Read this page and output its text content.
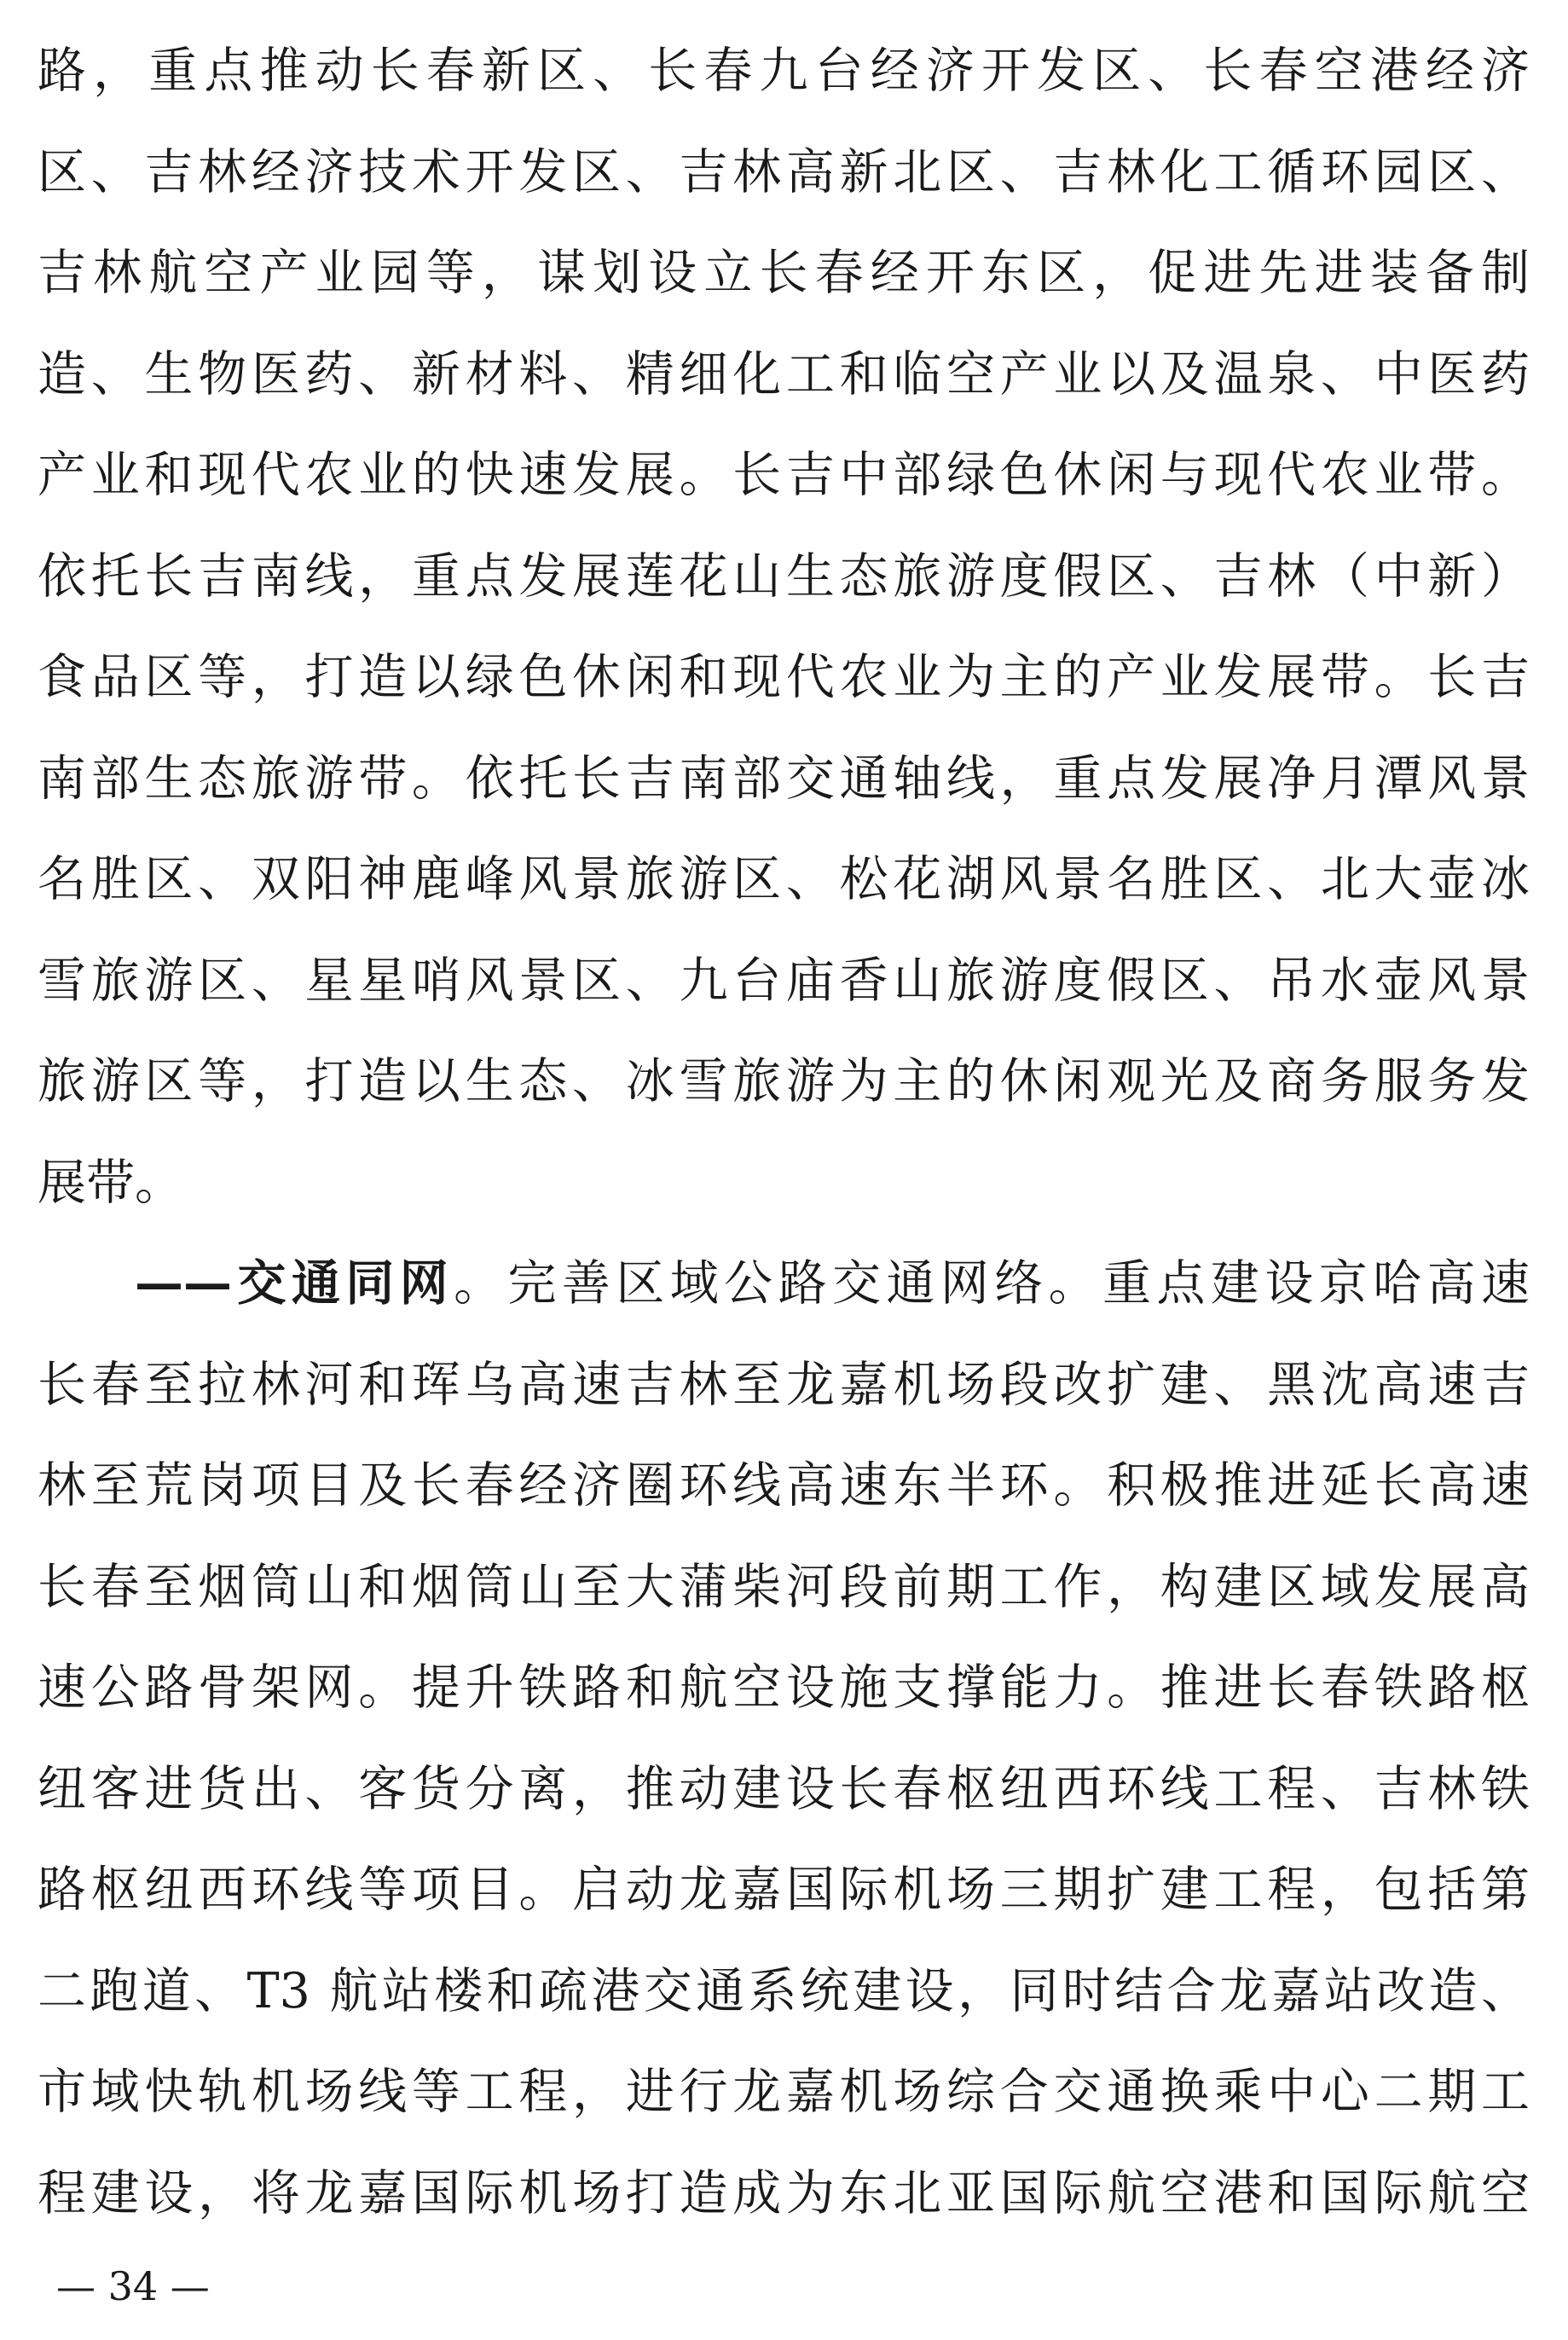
路，重点推动长春新区、长春九台经济开发区、长春空港经济
区、吉林经济技术开发区、吉林高新北区、吉林化工循环园区、
吉林航空产业园等，谋划设立长春经开东区，促进先进装备制
造、生物医药、新材料、精细化工和临空产业以及温泉、中医药
产业和现代农业的快速发展。长吉中部绿色休闲与现代农业带。
依托长吉南线，重点发展莲花山生态旅游度假区、吉林（中新）
食品区等，打造以绿色休闲和现代农业为主的产业发展带。长吉
南部生态旅游带。依托长吉南部交通轴线，重点发展净月潭风景
名胜区、双阳神鹿峰风景旅游区、松花湖风景名胜区、北大壶冰
雪旅游区、星星哨风景区、九台庙香山旅游度假区、吊水壶风景
旅游区等，打造以生态、冰雪旅游为主的休闲观光及商务服务发
展带。
——交通同网。完善区域公路交通网络。重点建设京哈高速
长春至拉林河和珲乌高速吉林至龙嘉机场段改扩建、黑沈高速吉
林至荒岗项目及长春经济圈环线高速东半环。积极推进延长高速
长春至烟筒山和烟筒山至大蒲柴河段前期工作，构建区域发展高
速公路骨架网。提升铁路和航空设施支撑能力。推进长春铁路枢
纽客进货出、客货分离，推动建设长春枢纽西环线工程、吉林铁
路枢纽西环线等项目。启动龙嘉国际机场三期扩建工程，包括第
二跑道、T3 航站楼和疏港交通系统建设，同时结合龙嘉站改造、
市域快轨机场线等工程，进行龙嘉机场综合交通换乘中心二期工
程建设，将龙嘉国际机场打造成为东北亚国际航空港和国际航空
— 34 —
